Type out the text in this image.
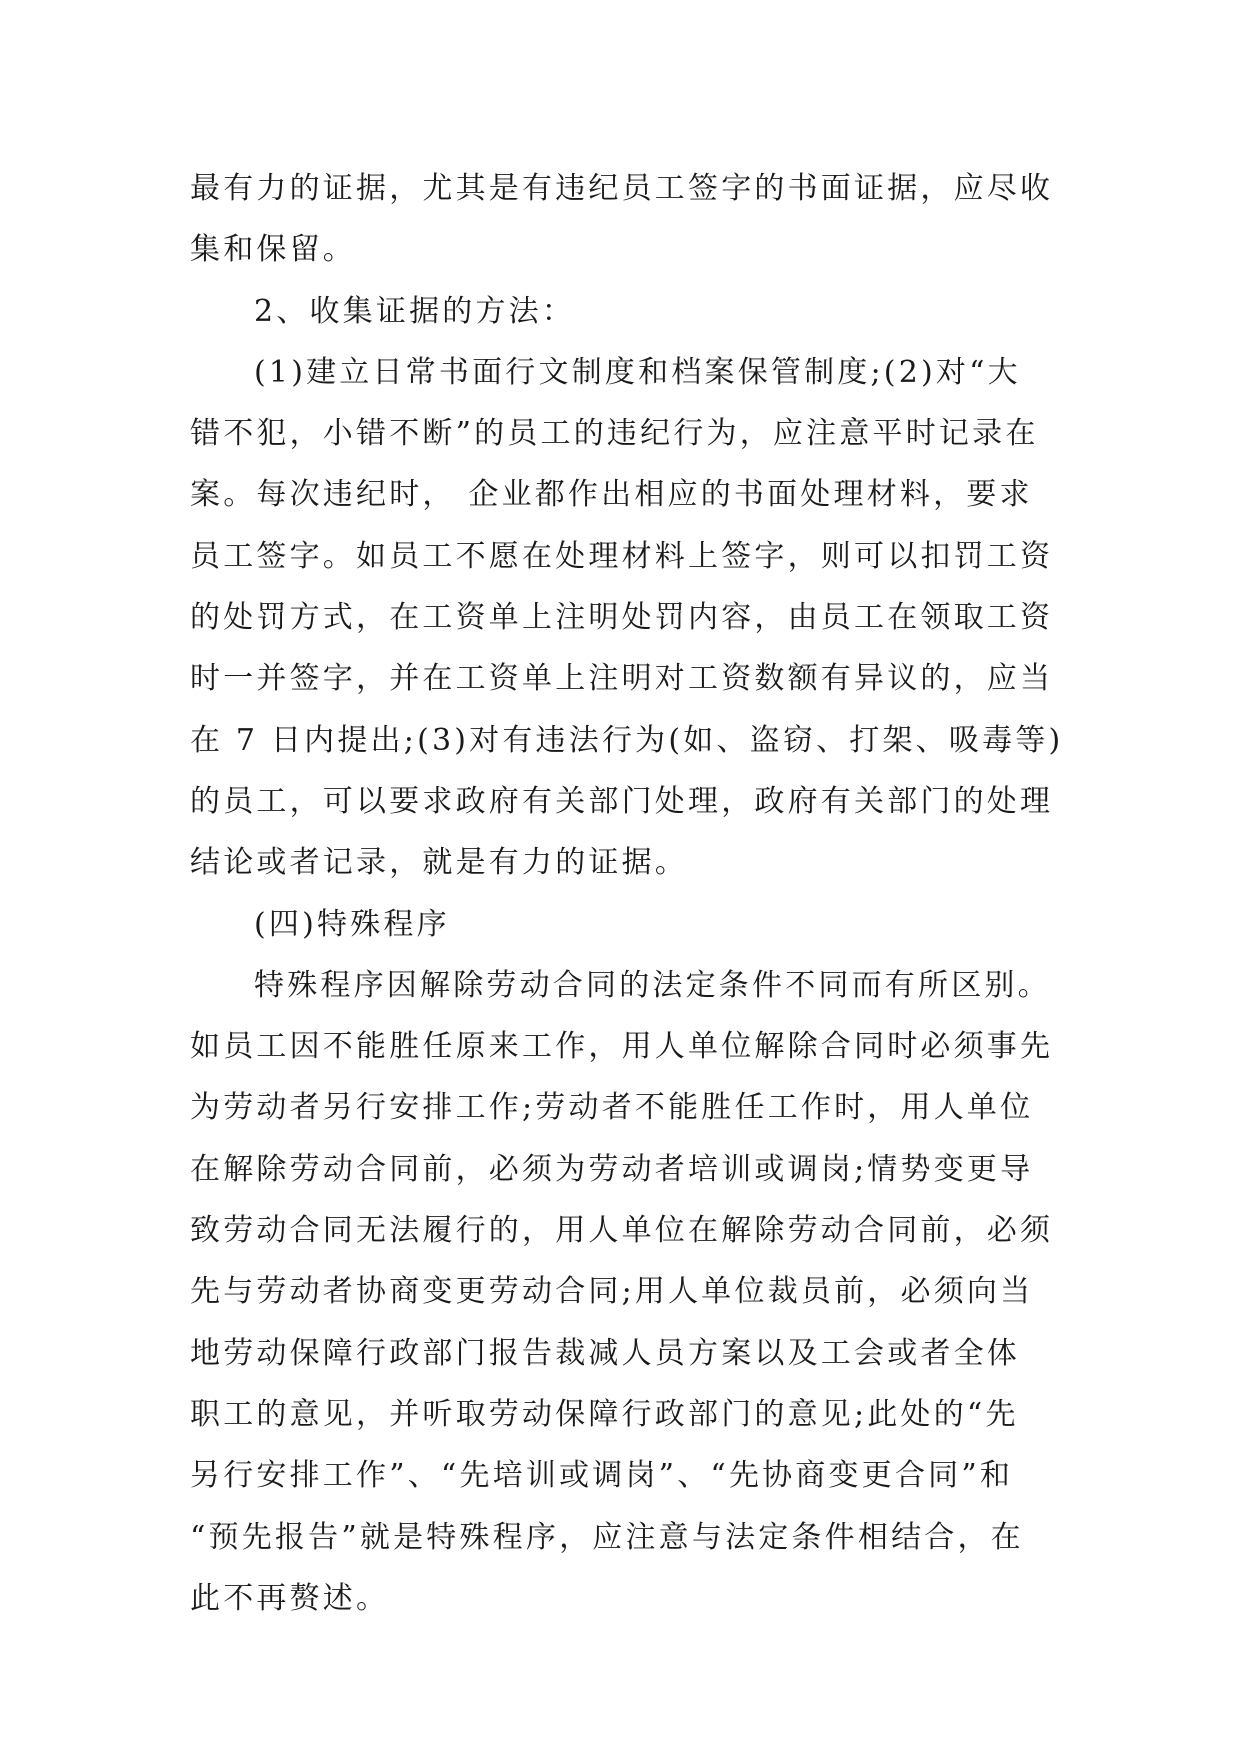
最有力的证据，尤其是有违纪员工签字的书面证据，应尽收
集和保留。
2、收集证据的方法：
(1)建立日常书面行文制度和档案保管制度;(2)对“大
错不犯，小错不断”的员工的违纪行为，应注意平时记录在
案。每次违纪时， 企业都作出相应的书面处理材料，要求
员工签字。如员工不愿在处理材料上签字，则可以扣罚工资
的处罚方式，在工资单上注明处罚内容，由员工在领取工资
时一并签字，并在工资单上注明对工资数额有异议的，应当
在 7 日内提出;(3)对有违法行为(如、盗窃、打架、吸毒等)
的员工，可以要求政府有关部门处理，政府有关部门的处理
结论或者记录，就是有力的证据。
(四)特殊程序
特殊程序因解除劳动合同的法定条件不同而有所区别。
如员工因不能胜任原来工作，用人单位解除合同时必须事先
为劳动者另行安排工作;劳动者不能胜任工作时，用人单位
在解除劳动合同前，必须为劳动者培训或调岗;情势变更导
致劳动合同无法履行的，用人单位在解除劳动合同前，必须
先与劳动者协商变更劳动合同;用人单位裁员前，必须向当
地劳动保障行政部门报告裁减人员方案以及工会或者全体
职工的意见，并听取劳动保障行政部门的意见;此处的“先
另行安排工作”、“先培训或调岗”、“先协商变更合同”和
“预先报告”就是特殊程序，应注意与法定条件相结合，在
此不再赘述。
